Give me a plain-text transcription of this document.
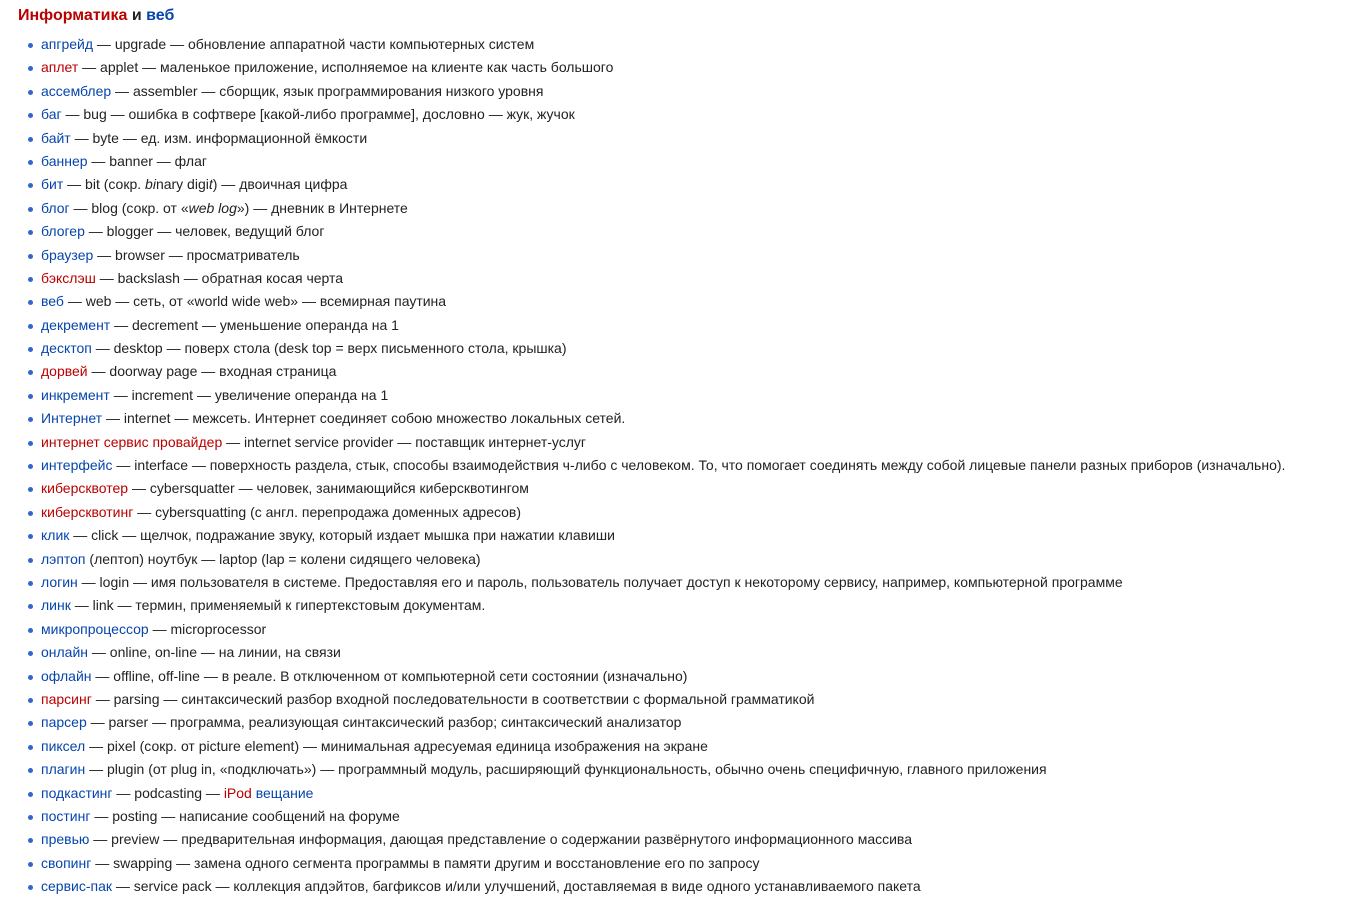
Информатика и веб
апгрейд — upgrade — обновление аппаратной части компьютерных систем
аплет — applet — маленькое приложение, исполняемое на клиенте как часть большого
ассемблер — assembler — сборщик, язык программирования низкого уровня
баг — bug — ошибка в софтвере [какой-либо программе], дословно — жук, жучок
байт — byte — ед. изм. информационной ёмкости
баннер — banner — флаг
бит — bit (сокр. binary digit) — двоичная цифра
блог — blog (сокр. от «web log») — дневник в Интернете
блогер — blogger — человек, ведущий блог
браузер — browser — просматриватель
бэкслэш — backslash — обратная косая черта
веб — web — сеть, от «world wide web» — всемирная паутина
декремент — decrement — уменьшение операнда на 1
десктоп — desktop — поверх стола (desk top = верх письменного стола, крышка)
дорвей — doorway page — входная страница
инкремент — increment — увеличение операнда на 1
Интернет — internet — межсеть. Интернет соединяет собою множество локальных сетей.
интернет сервис провайдер — internet service provider — поставщик интернет-услуг
интерфейс — interface — поверхность раздела, стык, способы взаимодействия ч-либо с человеком. То, что помогает соединять между собой лицевые панели разных приборов (изначально).
киберсквотер — cybersquatter — человек, занимающийся киберсквотингом
киберсквотинг — cybersquatting (с англ. перепродажа доменных адресов)
клик — click — щелчок, подражание звуку, который издает мышка при нажатии клавиши
лэптоп (лептоп) ноутбук — laptop (lap = колени сидящего человека)
логин — login — имя пользователя в системе. Предоставляя его и пароль, пользователь получает доступ к некоторому сервису, например, компьютерной программе
линк — link — термин, применяемый к гипертекстовым документам.
микропроцессор — microprocessor
онлайн — online, on-line — на линии, на связи
офлайн — offline, off-line — в реале. В отключенном от компьютерной сети состоянии (изначально)
парсинг — parsing — синтаксический разбор входной последовательности в соответствии с формальной грамматикой
парсер — parser — программа, реализующая синтаксический разбор; синтаксический анализатор
пиксел — pixel (сокр. от picture element) — минимальная адресуемая единица изображения на экране
плагин — plugin (от plug in, «подключать») — программный модуль, расширяющий функциональность, обычно очень специфичную, главного приложения
подкастинг — podcasting — iPod вещание
постинг — posting — написание сообщений на форуме
превью — preview — предварительная информация, дающая представление о содержании развёрнутого информационного массива
свопинг — swapping — замена одного сегмента программы в памяти другим и восстановление его по запросу
сервис-пак — service pack — коллекция апдэйтов, багфиксов и/или улучшений, доставляемая в виде одного устанавливаемого пакета
